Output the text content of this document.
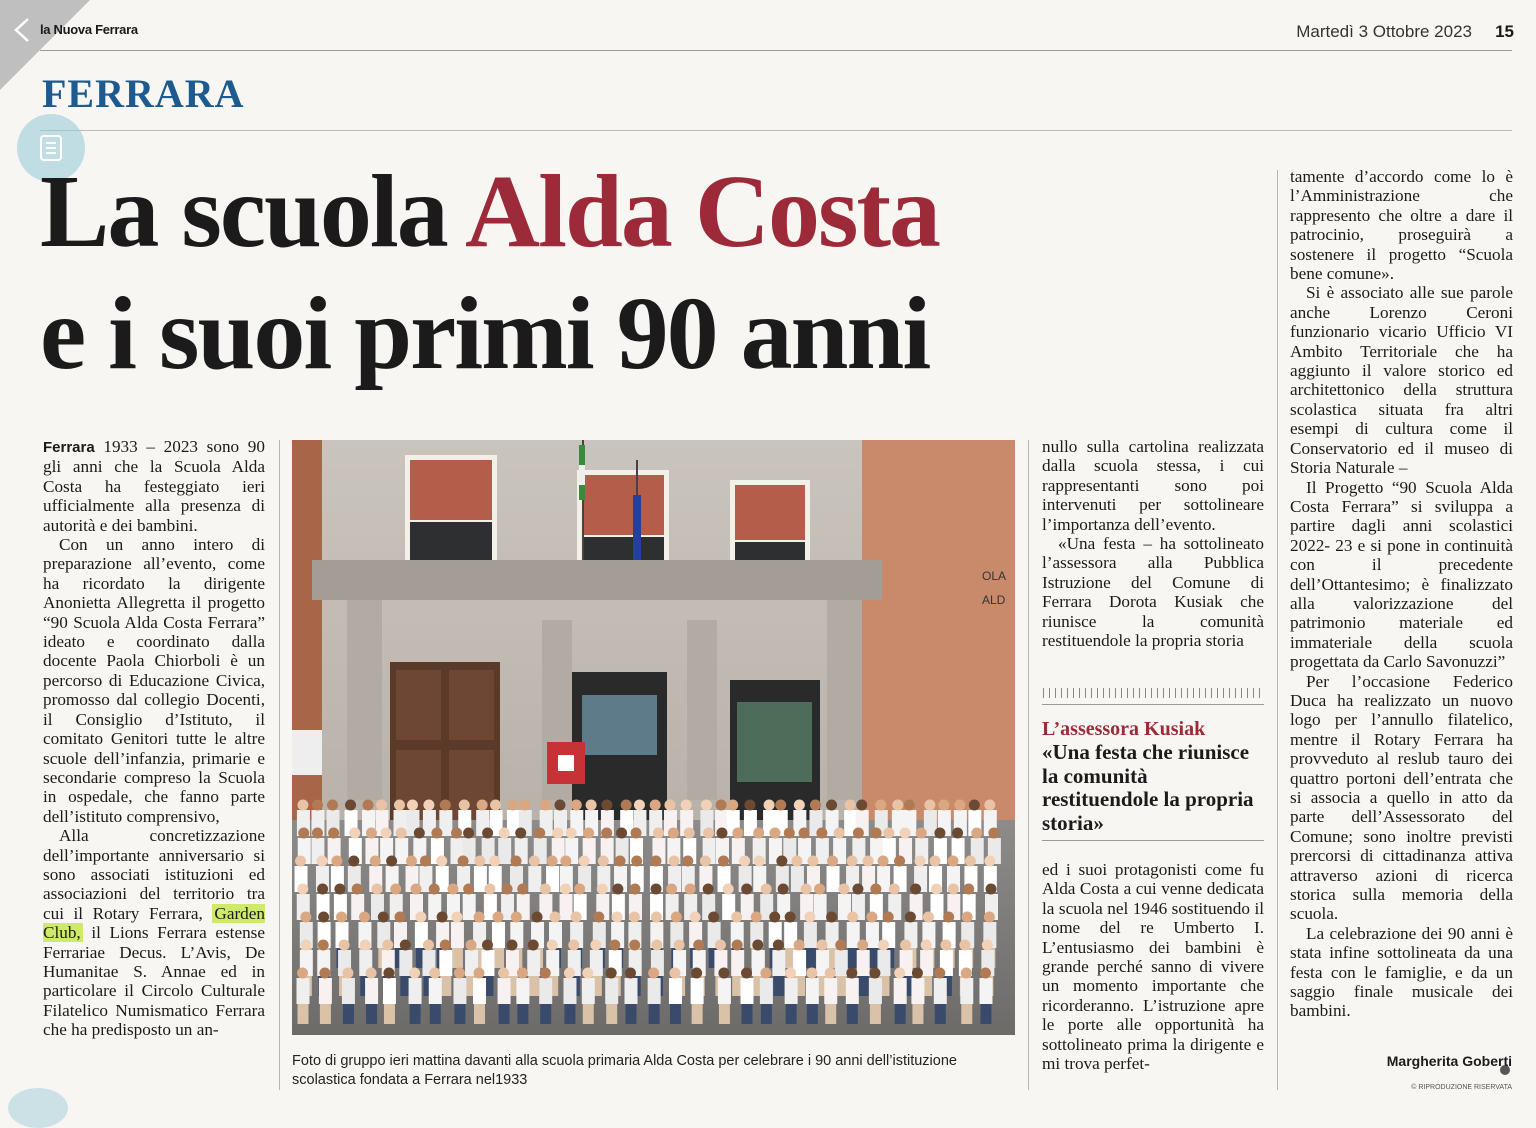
la Nuova Ferrara	Martedì 3 Ottobre 2023 15
FERRARA
La scuola Alda Costa
e i suoi primi 90 anni

Ferrara 1933 – 2023 sono 90 gli anni che la Scuola Alda Costa ha festeggiato ieri ufficialmente alla presenza di autorità e dei bambini.

Con un anno intero di preparazione all’evento, come ha ricordato la dirigente Anonietta Allegretta il progetto “90 Scuola Alda Costa Ferrara” ideato e coordinato dalla docente Paola Chiorboli è un percorso di Educazione Civica, promosso dal collegio Docenti, il Consiglio d’Istituto, il comitato Genitori tutte le altre scuole dell’infanzia, primarie e secondarie compreso la Scuola in ospedale, che fanno parte dell’istituto comprensivo,

Alla concretizzazione dell’importante anniversario si sono associati istituzioni ed associazioni del territorio tra cui il Rotary Ferrara, Garden Club, il Lions Ferrara estense Ferrariae Decus. L’Avis, De Humanitae S. Annae ed in particolare il Circolo Culturale Filatelico Numismatico Ferrara che ha predisposto un an-

OLA ALD
Foto di gruppo ieri mattina davanti alla scuola primaria Alda Costa per celebrare i 90 anni dell’istituzione scolastica fondata a Ferrara nel1933

nullo sulla cartolina realizzata dalla scuola stessa, i cui rappresentanti sono poi intervenuti per sottolineare l’importanza dell’evento.

«Una festa – ha sottolineato l’assessora alla Pubblica Istruzione del Comune di Ferrara Dorota Kusiak che riunisce la comunità restituendole la propria storia

L’assessora Kusiak
«Una festa che riunisce la comunità restituendole la propria storia»

ed i suoi protagonisti come fu Alda Costa a cui venne dedicata la scuola nel 1946 sostituendo il nome del re Umberto I. L’entusiasmo dei bambini è grande perché sanno di vivere un momento importante che ricorderanno. L’istruzione apre le porte alle opportunità ha sottolineato prima la dirigente e mi trova perfet-

tamente d’accordo come lo è l’Amministrazione che rappresento che oltre a dare il patrocinio, proseguirà a sostenere il progetto “Scuola bene comune».

Si è associato alle sue parole anche Lorenzo Ceroni funzionario vicario Ufficio VI Ambito Territoriale che ha aggiunto il valore storico ed architettonico della struttura scolastica situata fra altri esempi di cultura come il Conservatorio ed il museo di Storia Naturale –

Il Progetto “90 Scuola Alda Costa Ferrara” si sviluppa a partire dagli anni scolastici 2022- 23 e si pone in continuità con il precedente dell’Ottantesimo; è finalizzato alla valorizzazione del patrimonio materiale ed immateriale della scuola progettata da Carlo Savonuzzi”

Per l’occasione Federico Duca ha realizzato un nuovo logo per l’annullo filatelico, mentre il Rotary Ferrara ha provveduto al reslub tauro dei quattro portoni dell’entrata che si associa a quello in atto da parte dell’Assessorato del Comune; sono inoltre previsti prercorsi di cittadinanza attiva attraverso azioni di ricerca storica sulla memoria della scuola.

La celebrazione dei 90 anni è stata infine sottolineata da una festa con le famiglie, e da un saggio finale musicale dei bambini.

Margherita Goberti
© RIPRODUZIONE RISERVATA
